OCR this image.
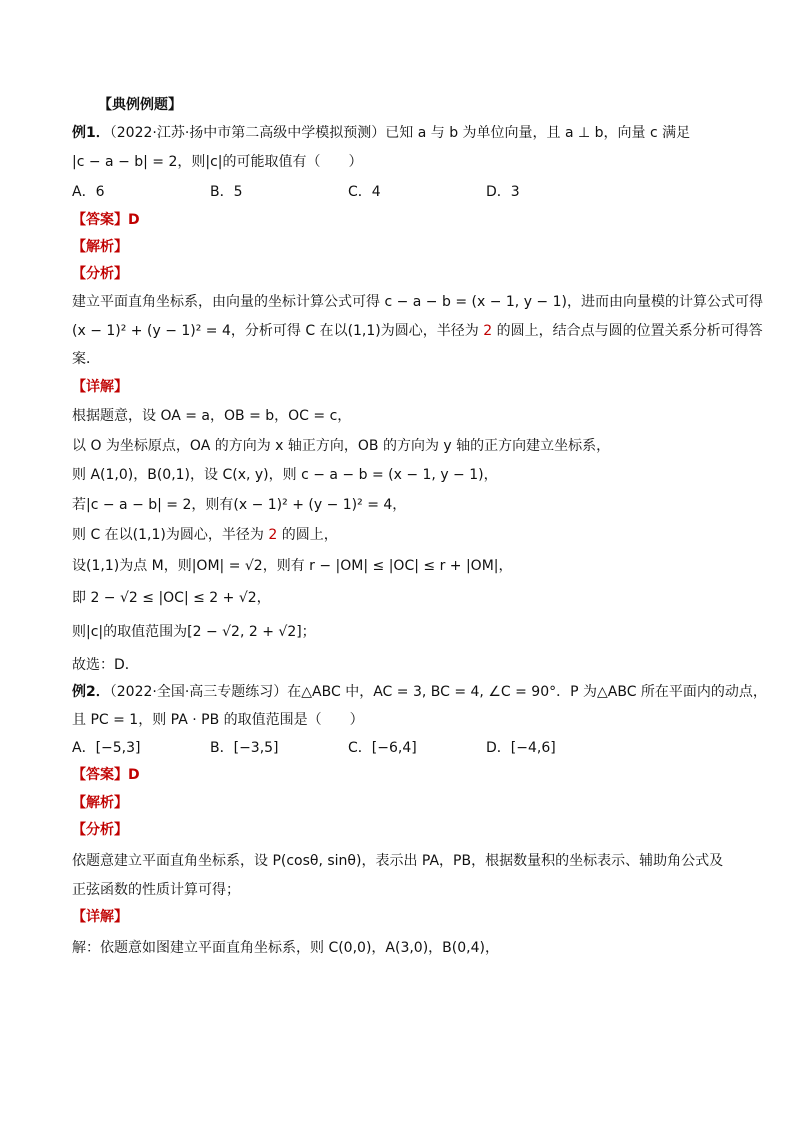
【典例例题】
例1．（2022·江苏·扬中市第二高级中学模拟预测）已知 a 与 b 为单位向量，且 a ⊥ b，向量 c 满足
|c − a − b| = 2，则|c|的可能取值有（　　）
A．6	B．5	C．4	D．3
【答案】D
【解析】
【分析】
建立平面直角坐标系，由向量的坐标计算公式可得 c − a − b = (x − 1, y − 1)，进而由向量模的计算公式可得
(x − 1)² + (y − 1)² = 4，分析可得 C 在以(1,1)为圆心，半径为 2 的圆上，结合点与圆的位置关系分析可得答
案．
【详解】
根据题意，设 OA = a，OB = b，OC = c，
以 O 为坐标原点，OA 的方向为 x 轴正方向，OB 的方向为 y 轴的正方向建立坐标系，
则 A(1,0)，B(0,1)，设 C(x, y)，则 c − a − b = (x − 1, y − 1)，
若|c − a − b| = 2，则有(x − 1)² + (y − 1)² = 4，
则 C 在以(1,1)为圆心，半径为 2 的圆上，
设(1,1)为点 M，则|OM| = √2，则有 r − |OM| ≤ |OC| ≤ r + |OM|，
即 2 − √2 ≤ |OC| ≤ 2 + √2，
则|c|的取值范围为[2 − √2, 2 + √2]；
故选：D．
例2．（2022·全国·高三专题练习）在△ABC 中，AC = 3, BC = 4, ∠C = 90°．P 为△ABC 所在平面内的动点，
且 PC = 1，则 PA · PB 的取值范围是（　　）
A．[−5,3]	B．[−3,5]	C．[−6,4]	D．[−4,6]
【答案】D
【解析】
【分析】
依题意建立平面直角坐标系，设 P(cosθ, sinθ)，表示出 PA，PB，根据数量积的坐标表示、辅助角公式及
正弦函数的性质计算可得；
【详解】
解：依题意如图建立平面直角坐标系，则 C(0,0)，A(3,0)，B(0,4)，
